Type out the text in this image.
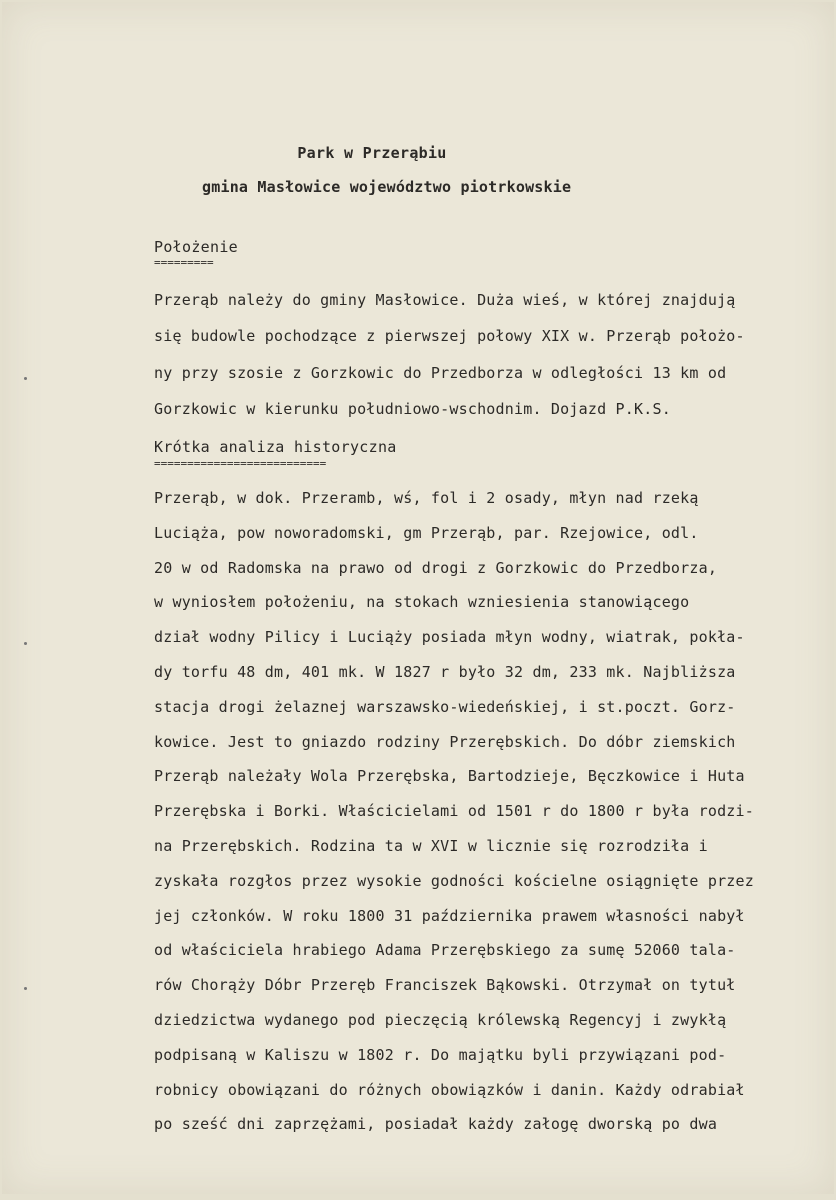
Park w Przerąbiu
gmina Masłowice województwo piotrkowskie
Położenie
=========
Przerąb należy do gminy Masłowice. Duża wieś, w której znajdują
się budowle pochodzące z pierwszej połowy XIX w. Przerąb położo-
ny przy szosie z Gorzkowic do Przedborza w odległości 13 km od
Gorzkowic w kierunku południowo-wschodnim. Dojazd P.K.S.
Krótka analiza historyczna
==========================
Przerąb, w dok. Przeramb, wś, fol i 2 osady, młyn nad rzeką
Luciąża, pow noworadomski, gm Przerąb, par. Rzejowice, odl.
20 w od Radomska na prawo od drogi z Gorzkowic do Przedborza,
w wyniosłem położeniu, na stokach wzniesienia stanowiącego
dział wodny Pilicy i Luciąży posiada młyn wodny, wiatrak, pokła-
dy torfu 48 dm, 401 mk. W 1827 r było 32 dm, 233 mk. Najbliższa
stacja drogi żelaznej warszawsko-wiedeńskiej, i st.poczt. Gorz-
kowice. Jest to gniazdo rodziny Przerębskich. Do dóbr ziemskich
Przerąb należały Wola Przerębska, Bartodzieje, Bęczkowice i Huta
Przerębska i Borki. Właścicielami od 1501 r do 1800 r była rodzi-
na Przerębskich. Rodzina ta w XVI w licznie się rozrodziła i
zyskała rozgłos przez wysokie godności kościelne osiągnięte przez
jej członków. W roku 1800 31 października prawem własności nabył
od właściciela hrabiego Adama Przerębskiego za sumę 52060 tala-
rów Chorąży Dóbr Przeręb Franciszek Bąkowski. Otrzymał on tytuł
dziedzictwa wydanego pod pieczęcią królewską Regencyj i zwykłą
podpisaną w Kaliszu w 1802 r. Do majątku byli przywiązani pod-
robnicy obowiązani do różnych obowiązków i danin. Każdy odrabiał
po sześć dni zaprzężami, posiadał każdy załogę dworską po dwa
